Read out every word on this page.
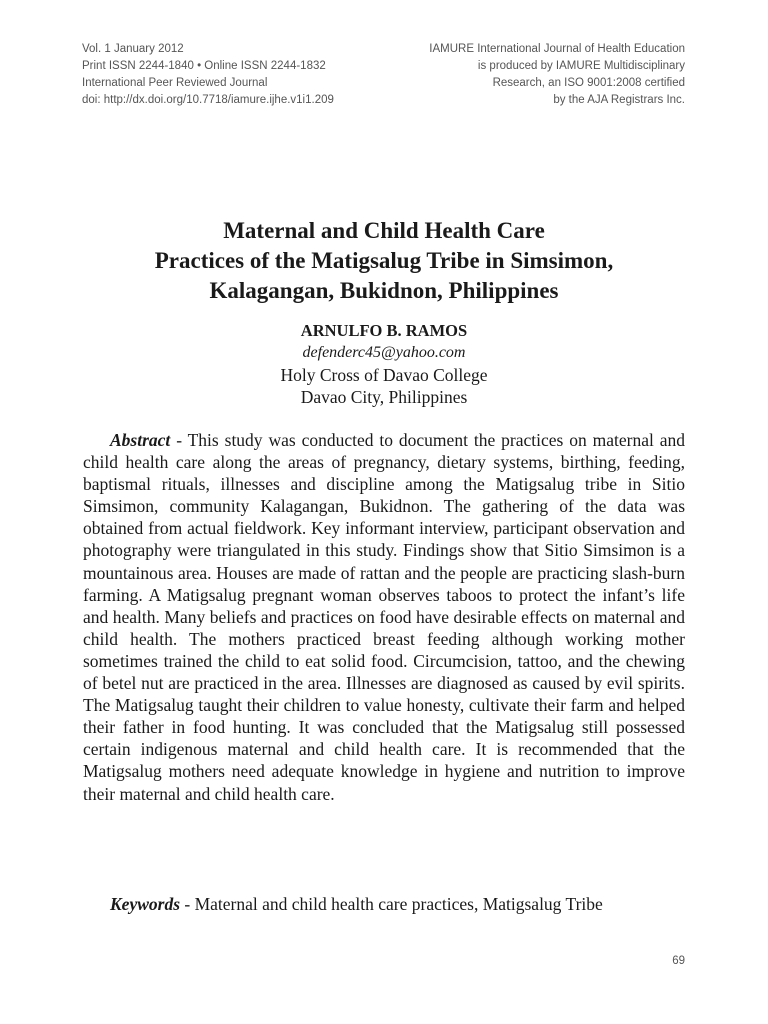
Vol. 1 January 2012
Print ISSN 2244-1840 • Online ISSN 2244-1832
International Peer Reviewed Journal
doi: http://dx.doi.org/10.7718/iamure.ijhe.v1i1.209
IAMURE International Journal of Health Education
is produced by IAMURE Multidisciplinary
Research, an ISO 9001:2008 certified
by the AJA Registrars Inc.
Maternal and Child Health Care
Practices of the Matigsalug Tribe in Simsimon,
Kalagangan, Bukidnon, Philippines
ARNULFO B. RAMOS
defenderc45@yahoo.com
Holy Cross of Davao College
Davao City, Philippines

Abstract - This study was conducted to document the practices on maternal and child health care along the areas of pregnancy, dietary systems, birthing, feeding, baptismal rituals, illnesses and discipline among the Matigsalug tribe in Sitio Simsimon, community Kalagangan, Bukidnon. The gathering of the data was obtained from actual fieldwork. Key informant interview, participant observation and photography were triangulated in this study. Findings show that Sitio Simsimon is a mountainous area. Houses are made of rattan and the people are practicing slash-burn farming. A Matigsalug pregnant woman observes taboos to protect the infant’s life and health. Many beliefs and practices on food have desirable effects on maternal and child health. The mothers practiced breast feeding although working mother sometimes trained the child to eat solid food. Circumcision, tattoo, and the chewing of betel nut are practiced in the area. Illnesses are diagnosed as caused by evil spirits. The Matigsalug taught their children to value honesty, cultivate their farm and helped their father in food hunting. It was concluded that the Matigsalug still possessed certain indigenous maternal and child health care. It is recommended that the Matigsalug mothers need adequate knowledge in hygiene and nutrition to improve their maternal and child health care.

Keywords - Maternal and child health care practices, Matigsalug Tribe

69
